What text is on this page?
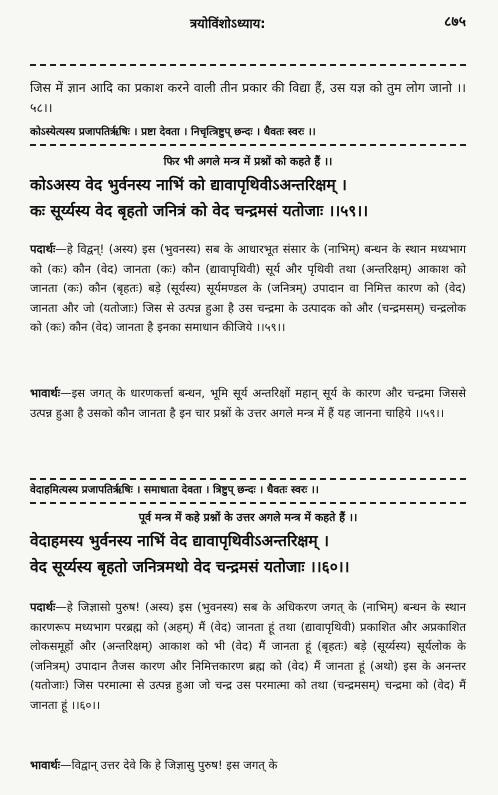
त्रयोविंशोऽध्याय:	८७५

जिस में ज्ञान आदि का प्रकाश करने वाली तीन प्रकार की विद्या हैं, उस यज्ञ को तुम लोग जानो ।।५८।।

कोऽस्येत्यस्य प्रजापतिर्ऋषिः । प्रष्टा देवता । निचृत्त्रिष्टुप् छन्दः । धैवतः स्वरः ।।
फिर भी अगले मन्त्र में प्रश्नों को कहते हैं ।।

कोऽअस्य वेद भुर्वनस्य नाभिं को द्यावापृथिवीऽअन्तरिक्षम् ।

कः सूर्य्यस्य वेद बृहतो जनित्रं को वेद चन्द्रमसं यतोजाः ।।५९।।

पदार्थः—हे विद्वन्! (अस्य) इस (भुवनस्य) सब के आधारभूत संसार के (नाभिम्) बन्धन के स्थान मध्यभाग को (कः) कौन (वेद) जानता (कः) कौन (द्यावापृथिवी) सूर्य और पृथिवी तथा (अन्तरिक्षम्) आकाश को जानता (कः) कौन (बृहतः) बड़े (सूर्यस्य) सूर्यमण्डल के (जनित्रम्) उपादान वा निमित्त कारण को (वेद) जानता और जो (यतोजाः) जिस से उत्पन्न हुआ है उस चन्द्रमा के उत्पादक को और (चन्द्रमसम्) चन्द्रलोक को (कः) कौन (वेद) जानता है इनका समाधान कीजिये ।।५९।।

भावार्थः—इस जगत् के धारणकर्त्ता बन्धन, भूमि सूर्य अन्तरिक्षों महान् सूर्य के कारण और चन्द्रमा जिससे उत्पन्न हुआ है उसको कौन जानता है इन चार प्रश्नों के उत्तर अगले मन्त्र में हैं यह जानना चाहिये ।।५९।।

वेदाहमित्यस्य प्रजापतिर्ऋषिः । समाधाता देवता । त्रिष्टुप् छन्दः । धैवतः स्वरः ।।
पूर्व मन्त्र में कहे प्रश्नों के उत्तर अगले मन्त्र में कहते हैं ।।

वेदाहमस्य भुर्वनस्य नाभिं वेद द्यावापृथिवीऽअन्तरिक्षम् ।

वेद सूर्य्यस्य बृहतो जनित्रमथो वेद चन्द्रमसं यतोजाः ।।६०।।

पदार्थः—हे जिज्ञासो पुरुष! (अस्य) इस (भुवनस्य) सब के अधिकरण जगत् के (नाभिम्) बन्धन के स्थान कारणरूप मध्यभाग परब्रह्म को (अहम्) मैं (वेद) जानता हूं तथा (द्यावापृथिवी) प्रकाशित और अप्रकाशित लोकसमूहों और (अन्तरिक्षम्) आकाश को भी (वेद) मैं जानता हूं (बृहतः) बड़े (सूर्य्यस्य) सूर्यलोक के (जनित्रम्) उपादान तैजस कारण और निमित्तकारण ब्रह्म को (वेद) मैं जानता हूं (अथो) इस के अनन्तर (यतोजाः) जिस परमात्मा से उत्पन्न हुआ जो चन्द्र उस परमात्मा को तथा (चन्द्रमसम्) चन्द्रमा को (वेद) मैं जानता हूं ।।६०।।

भावार्थः—विद्वान् उत्तर देवे कि हे जिज्ञासु पुरुष! इस जगत् के
